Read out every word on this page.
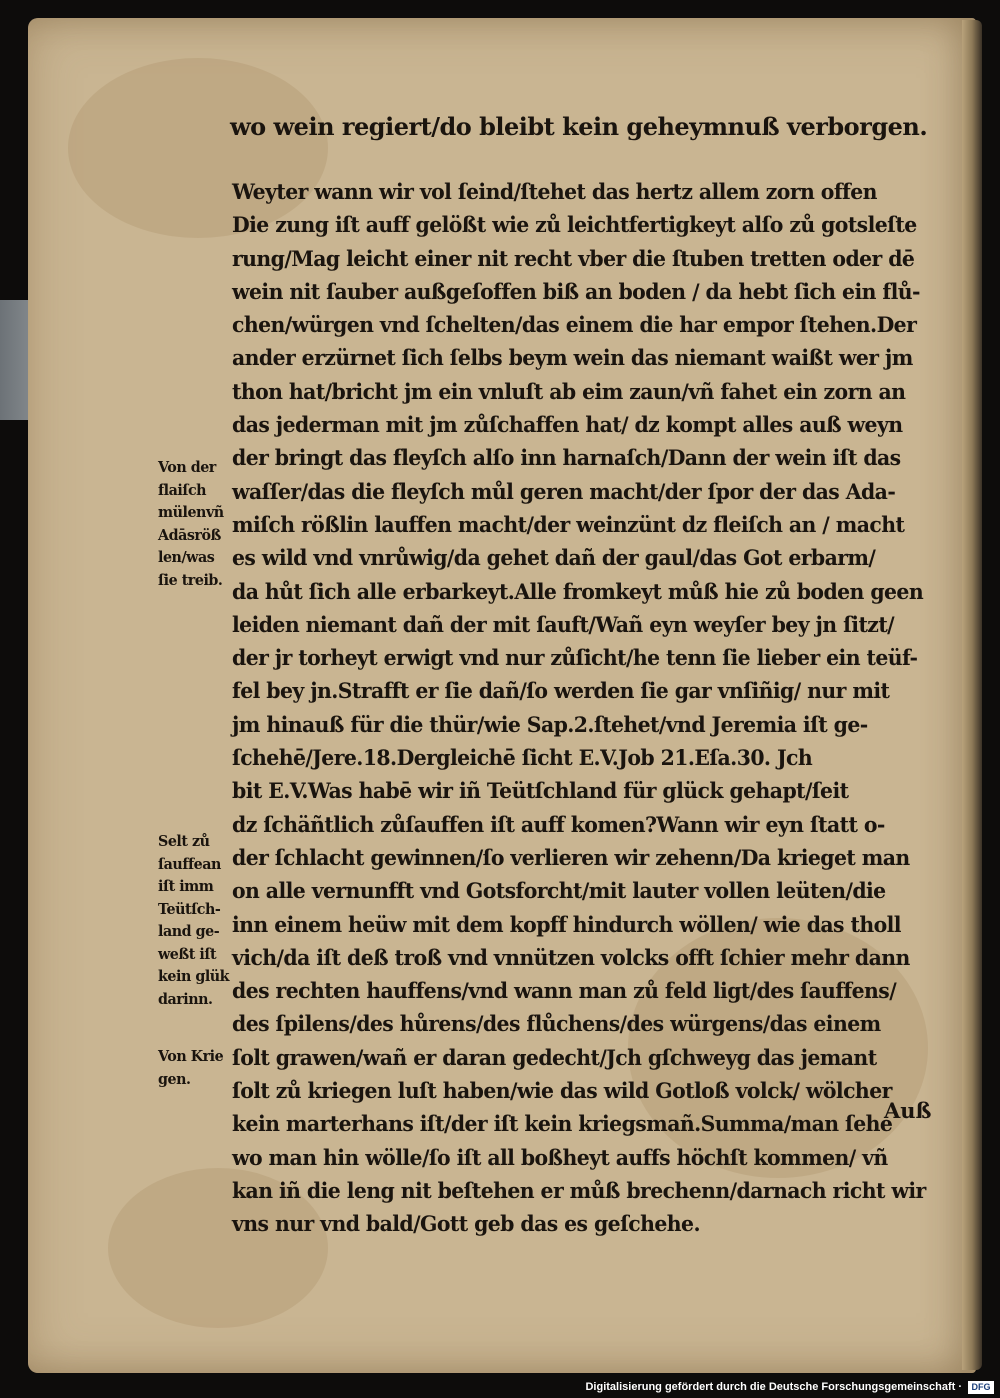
wo wein regiert/do bleibt kein geheymnuß verborgen.
Weyter wann wir vol ſeind/ſtehet das hertz allem zorn offen
Die zung iſt auff gelößt wie zů leichtfertigkeyt alſo zů gotsleſte
rung/Mag leicht einer nit recht vber die ſtuben tretten oder dē
wein nit ſauber außgeſoffen biß an boden / da hebt ſich ein flů-
chen/würgen vnd ſchelten/das einem die har empor ſtehen.Der
ander erzürnet ſich ſelbs beym wein das niemant waißt wer jm
thon hat/bricht jm ein vnluſt ab eim zaun/vñ fahet ein zorn an
das jederman mit jm zůſchaffen hat/ dz kompt alles auß weyn
der bringt das fleyſch alſo inn harnaſch/Dann der wein iſt das
waſſer/das die fleyſch můl geren macht/der ſpor der das Ada-
miſch rößlin lauffen macht/der weinzünt dz fleiſch an / macht
es wild vnd vnrůwig/da gehet dañ der gaul/das Got erbarm/
da hůt ſich alle erbarkeyt.Alle fromkeyt můß hie zů boden geen
leiden niemant dañ der mit ſauft/Wañ eyn weyſer bey jn ſitzt/
der jr torheyt erwigt vnd nur zůſicht/he tenn ſie lieber ein teüf-
fel bey jn.Strafft er ſie dañ/ſo werden ſie gar vnſiñig/ nur mit
jm hinauß für die thür/wie Sap.2.ſtehet/vnd Jeremia iſt ge-
ſchehē/Jere.18.Dergleichē ſicht E.V.Job 21.Eſa.30. Jch
bit E.V.Was habē wir iñ Teütſchland für glück gehapt/ſeit
dz ſchäñtlich zůſauffen iſt auff komen?Wann wir eyn ſtatt o-
der ſchlacht gewinnen/ſo verlieren wir zehenn/Da krieget man
on alle vernunfft vnd Gotsforcht/mit lauter vollen leüten/die
inn einem heüw mit dem kopff hindurch wöllen/ wie das tholl
vich/da iſt deß troß vnd vnnützen volcks offt ſchier mehr dann
des rechten hauffens/vnd wann man zů feld ligt/des ſauffens/
des ſpilens/des hůrens/des flůchens/des würgens/das einem
ſolt grawen/wañ er daran gedecht/Jch gſchweyg das jemant
ſolt zů kriegen luſt haben/wie das wild Gotloß volck/ wölcher
kein marterhans iſt/der iſt kein kriegsmañ.Summa/man ſehe
wo man hin wölle/ſo iſt all boßheyt auffs höchſt kommen/ vñ
kan iñ die leng nit beſtehen er můß brechenn/darnach richt wir
vns nur vnd bald/Gott geb das es geſchehe.
Von der
flaiſch
mülenvñ
Adāsröß
len/was
ſie treib.
Selt zů
ſauffean
iſt imm
Teütſch-
land ge-
weßt iſt
kein glük
darinn.
Von Krie
gen.
Auß
Digitalisierung gefördert durch die Deutsche Forschungsgemeinschaft ·	DFG
